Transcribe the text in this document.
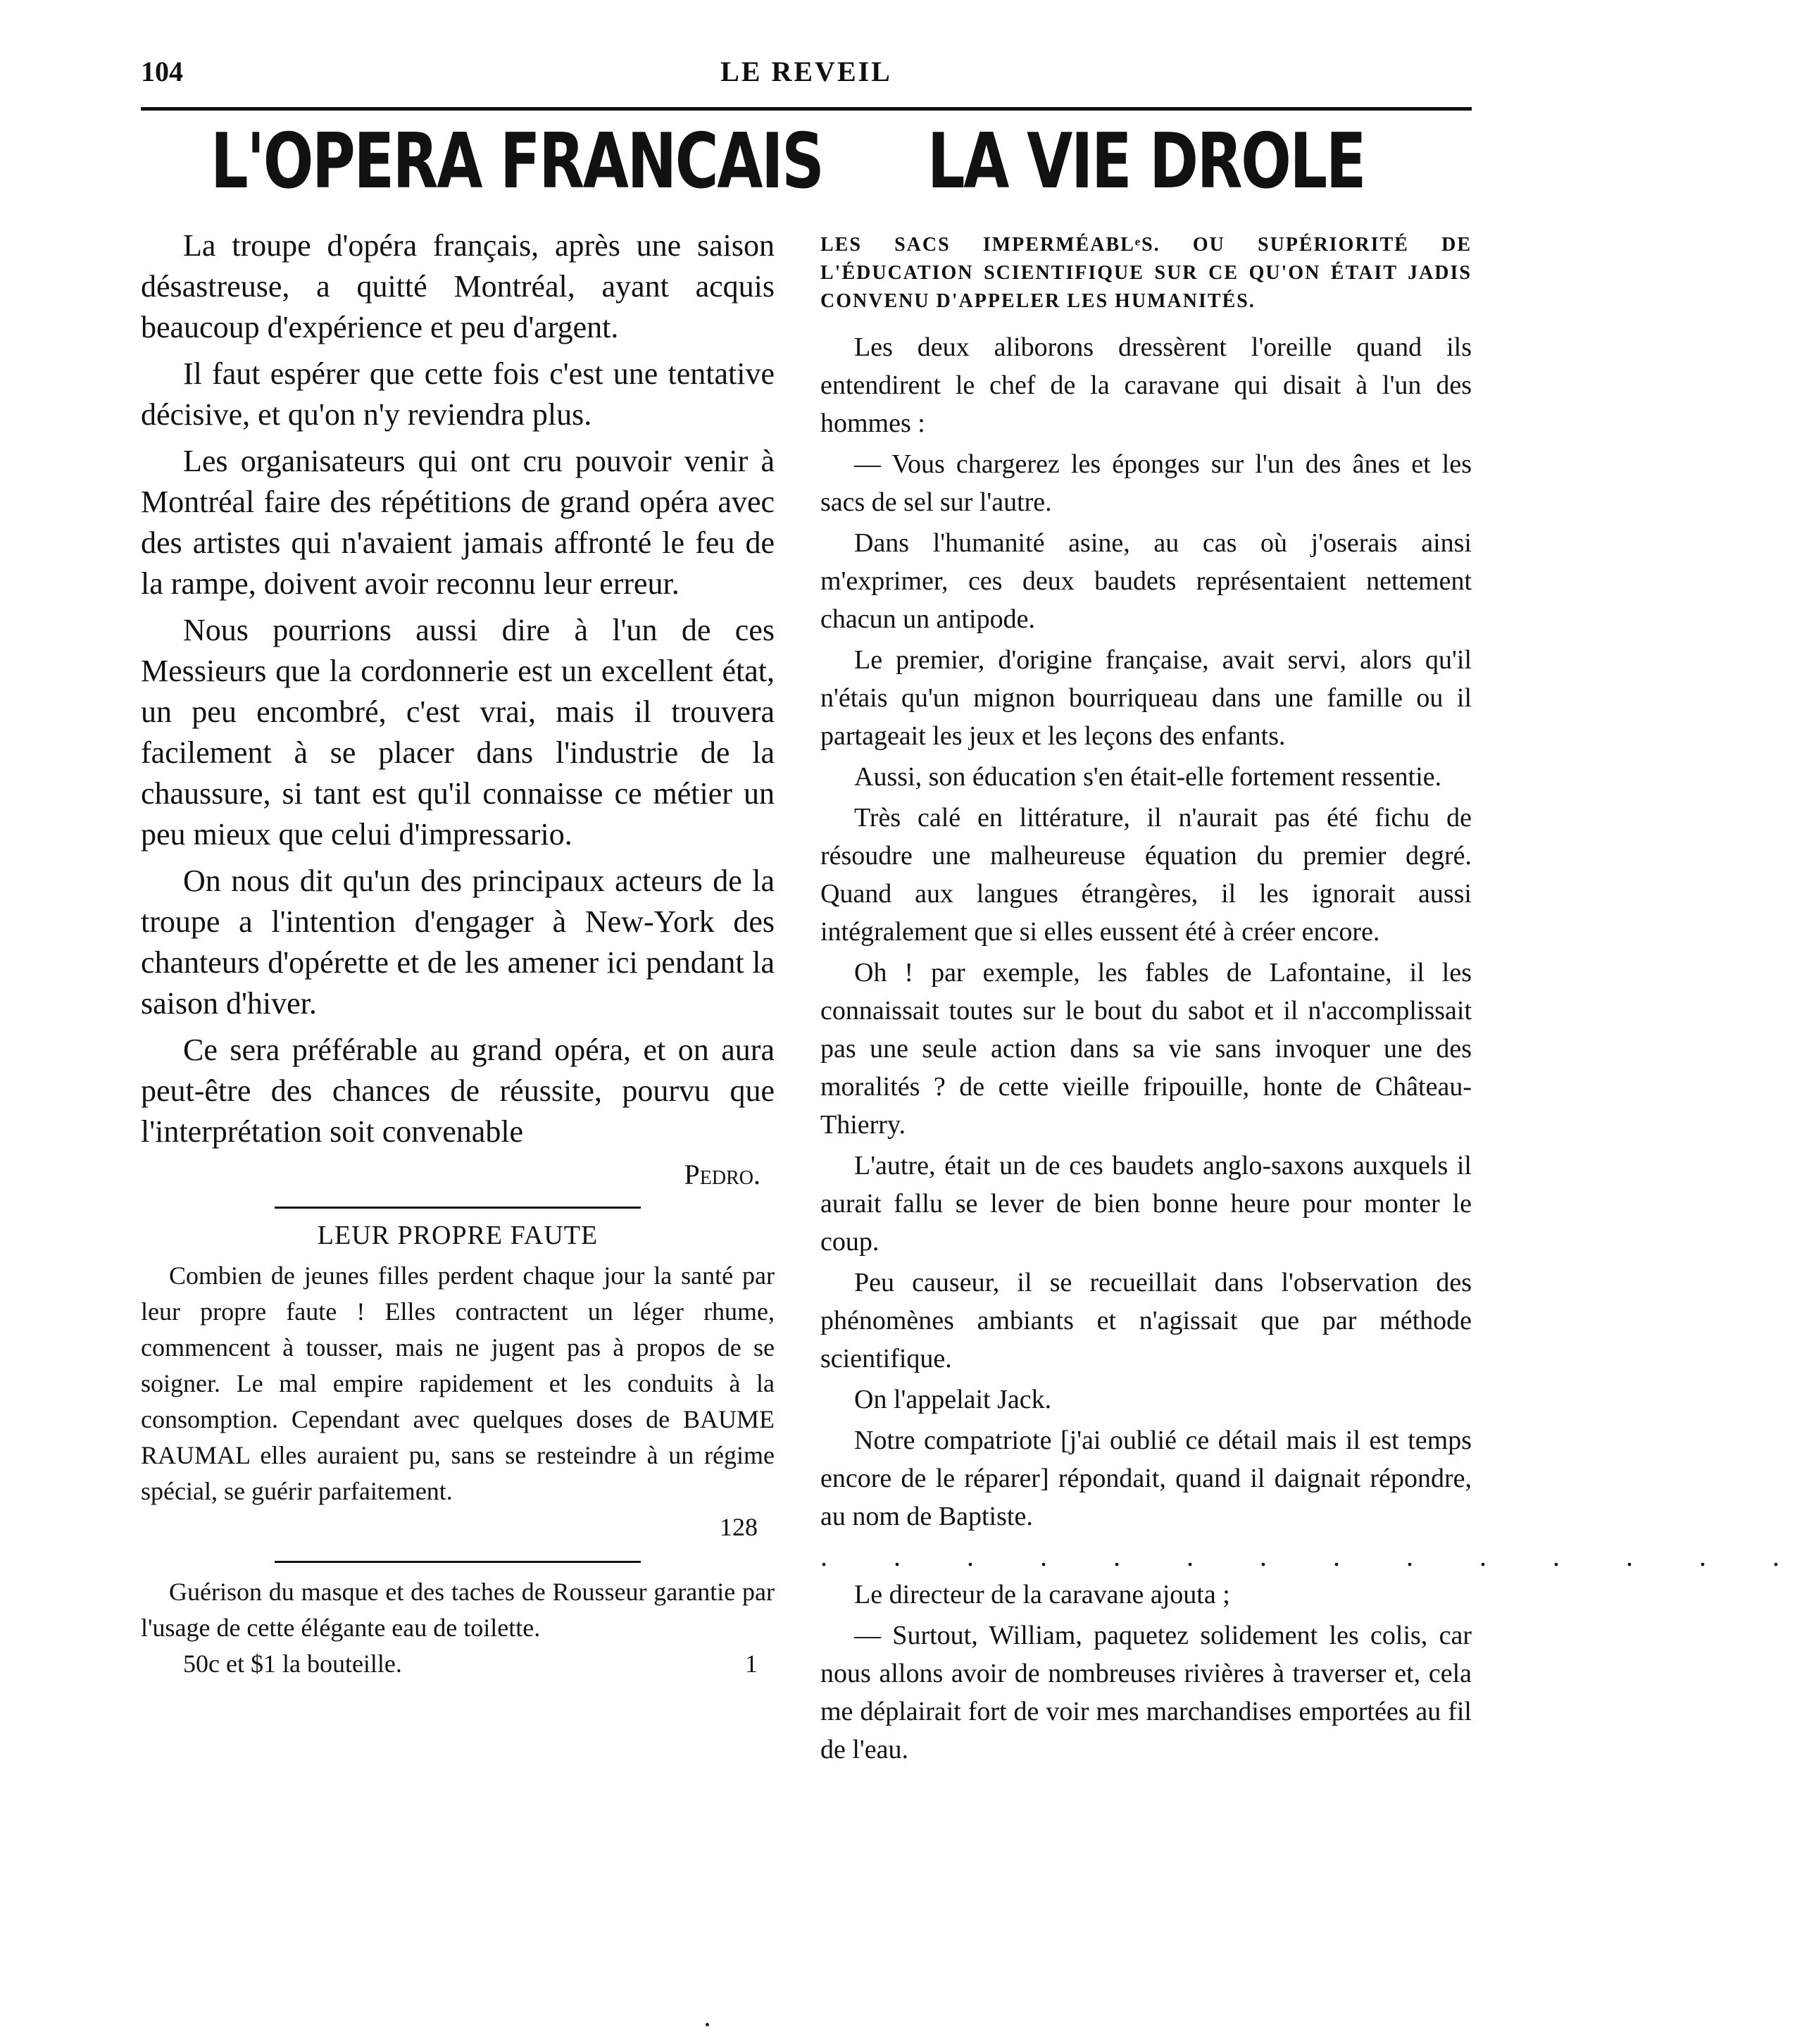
104	LE REVEIL
L'OPERA FRANCAIS

La troupe d'opéra français, après une saison désastreuse, a quitté Montréal, ayant acquis beaucoup d'expérience et peu d'argent.

Il faut espérer que cette fois c'est une tentative décisive, et qu'on n'y reviendra plus.

Les organisateurs qui ont cru pouvoir venir à Montréal faire des répétitions de grand opéra avec des artistes qui n'avaient jamais affronté le feu de la rampe, doivent avoir reconnu leur erreur.

Nous pourrions aussi dire à l'un de ces Messieurs que la cordonnerie est un excellent état, un peu encombré, c'est vrai, mais il trouvera facilement à se placer dans l'industrie de la chaussure, si tant est qu'il connaisse ce métier un peu mieux que celui d'impressario.

On nous dit qu'un des principaux acteurs de la troupe a l'intention d'engager à New-York des chanteurs d'opérette et de les amener ici pendant la saison d'hiver.

Ce sera préférable au grand opéra, et on aura peut-être des chances de réussite, pourvu que l'interprétation soit convenable

Pedro.
LEUR PROPRE FAUTE

Combien de jeunes filles perdent chaque jour la santé par leur propre faute ! Elles contractent un léger rhume, commencent à tousser, mais ne jugent pas à propos de se soigner. Le mal empire rapidement et les conduits à la consomption. Cependant avec quelques doses de BAUME RAUMAL elles auraient pu, sans se resteindre à un régime spécial, se guérir parfaitement.

128

Guérison du masque et des taches de Rousseur garantie par l'usage de cette élégante eau de toilette.

50c et $1 la bouteille.	1
LA VIE DROLE
LES SACS IMPERMÉABLᵉS. OU SUPÉRIORITÉ DE L'ÉDUCATION SCIENTIFIQUE SUR CE QU'ON ÉTAIT JADIS CONVENU D'APPELER LES HUMANITÉS.

Les deux aliborons dressèrent l'oreille quand ils entendirent le chef de la caravane qui disait à l'un des hommes :

— Vous chargerez les éponges sur l'un des ânes et les sacs de sel sur l'autre.

Dans l'humanité asine, au cas où j'oserais ainsi m'exprimer, ces deux baudets représentaient nettement chacun un antipode.

Le premier, d'origine française, avait servi, alors qu'il n'étais qu'un mignon bourriqueau dans une famille ou il partageait les jeux et les leçons des enfants.

Aussi, son éducation s'en était-elle fortement ressentie.

Très calé en littérature, il n'aurait pas été fichu de résoudre une malheureuse équation du premier degré. Quand aux langues étrangères, il les ignorait aussi intégralement que si elles eussent été à créer encore.

Oh ! par exemple, les fables de Lafontaine, il les connaissait toutes sur le bout du sabot et il n'accomplissait pas une seule action dans sa vie sans invoquer une des moralités ? de cette vieille fripouille, honte de Château-Thierry.

L'autre, était un de ces baudets anglo-saxons auxquels il aurait fallu se lever de bien bonne heure pour monter le coup.

Peu causeur, il se recueillait dans l'observation des phénomènes ambiants et n'agissait que par méthode scientifique.

On l'appelait Jack.

Notre compatriote [j'ai oublié ce détail mais il est temps encore de le réparer] répondait, quand il daignait répondre, au nom de Baptiste.

. . . . . . . . . . . . . .

Le directeur de la caravane ajouta ;

— Surtout, William, paquetez solidement les colis, car nous allons avoir de nombreuses rivières à traverser et, cela me déplairait fort de voir mes marchandises emportées au fil de l'eau.
